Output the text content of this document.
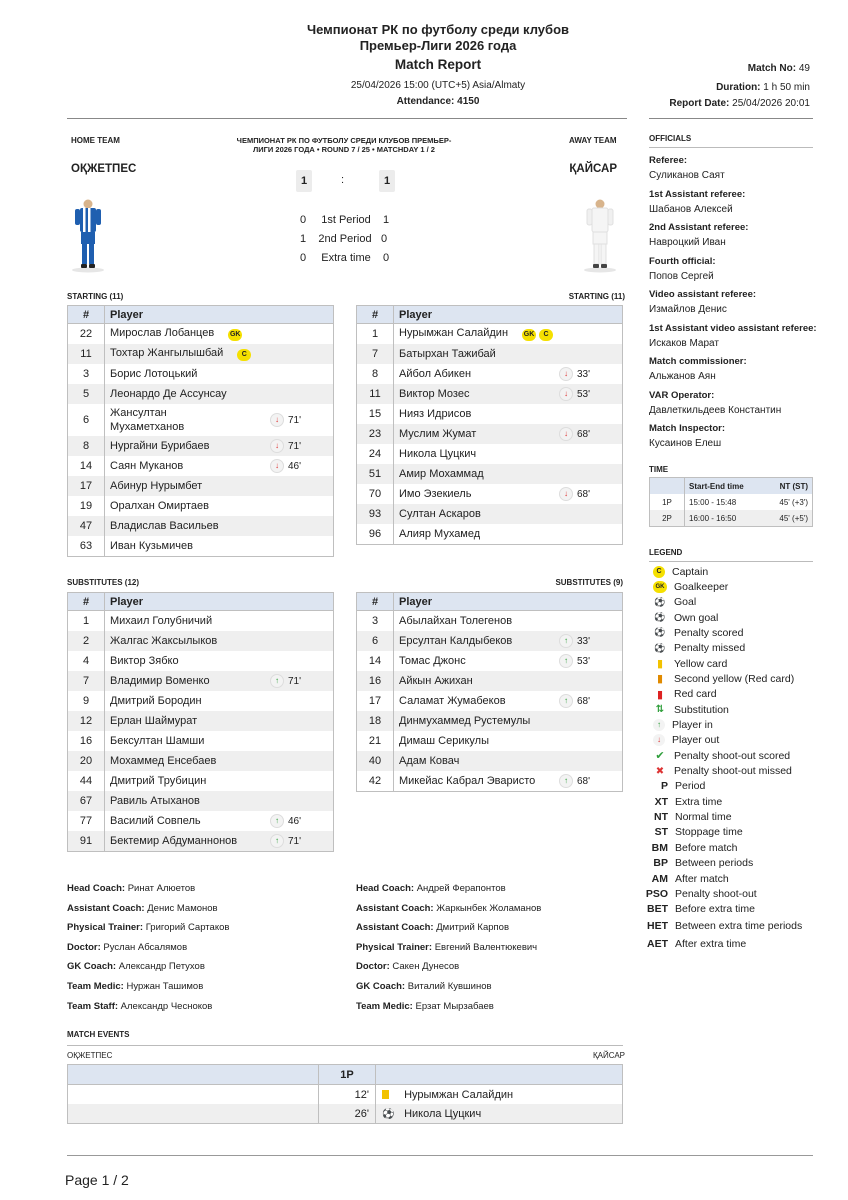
Чемпионат РК по футболу среди клубов
Премьер-Лиги 2026 года
Match Report
25/04/2026 15:00 (UTC+5) Asia/Almaty
Attendance: 4150
Match No: 49
Duration: 1 h 50 min
Report Date: 25/04/2026 20:01
HOME TEAM	AWAY TEAM
ЧЕМПИОНАТ РК ПО ФУТБОЛУ СРЕДИ КЛУБОВ ПРЕМЬЕР-ЛИГИ 2026 ГОДА • ROUND 7 / 25 • MATCHDAY 1 / 2
ОҚЖЕТПЕС	ҚАЙСАР
1	:	1
0 1st Period 1
1 2nd Period 0
0 Extra time 0
STARTING (11)	STARTING (11)
#	Player	
22	Мирослав Лобанцев GK	
11	Тохтар Жангылышбай C	
3	Борис Лотоцький	
5	Леонардо Де Ассунсау	
6	Жансултан Мухаметханов	↓ 71'

8	Нургайни Бурибаев	↓ 71'

14	Саян Муканов	↓ 46'

17	Абинур Нурымбет	
19	Оралхан Омиртаев	
47	Владислав Васильев	
63	Иван Кузьмичев	
#	Player	
1	Нурымжан Салайдин GK C	
7	Батырхан Тажибай	
8	Айбол Абикен	↓ 33'

11	Виктор Мозес	↓ 53'

15	Нияз Идрисов	
23	Муслим Жумат	↓ 68'

24	Никола Цуцкич	
51	Амир Мохаммад	
70	Имо Эзекиель	↓ 68'

93	Султан Аскаров	
96	Алияр Мухамед	
SUBSTITUTES (12)	SUBSTITUTES (9)
#	Player	
1	Михаил Голубничий	
2	Жалгас Жаксылыков	
4	Виктор Зябко	
7	Владимир Воменко	↑ 71'

9	Дмитрий Бородин	
12	Ерлан Шаймурат	
16	Бексултан Шамши	
20	Мохаммед Енсебаев	
44	Дмитрий Трубицин	
67	Равиль Атыханов	
77	Василий Совпель	↑ 46'

91	Бектемир Абдуманнонов	↑ 71'
#	Player	
3	Абылайхан Толегенов	
6	Ерсултан Калдыбеков	↑ 33'

14	Томас Джонс	↑ 53'

16	Айкын Ажихан	
17	Саламат Жумабеков	↑ 68'

18	Динмухаммед Рустемулы	
21	Димаш Серикулы	
40	Адам Ковач	
42	Микейас Кабрал Эваристо	↑ 68'
Head Coach: Ринат Алюетов
Assistant Coach: Денис Мамонов
Physical Trainer: Григорий Сартаков
Doctor: Руслан Абсалямов
GK Coach: Александр Петухов
Team Medic: Нуржан Ташимов
Team Staff: Александр Чесноков
Head Coach: Андрей Ферапонтов
Assistant Coach: Жаркынбек Жоламанов
Assistant Coach: Дмитрий Карпов
Physical Trainer: Евгений Валентюкевич
Doctor: Сакен Дунесов
GK Coach: Виталий Кувшинов
Team Medic: Ерзат Мырзабаев
OFFICIALS
Referee:
Суликанов Саят
1st Assistant referee:
Шабанов Алексей
2nd Assistant referee:
Навроцкий Иван
Fourth official:
Попов Сергей
Video assistant referee:
Измайлов Денис
1st Assistant video assistant referee:
Искаков Марат
Match commissioner:
Альжанов Аян
VAR Operator:
Давлеткильдеев Константин
Match Inspector:
Кусаинов Елеш
TIME
	Start-End time	NT (ST)
1P	15:00 - 15:48	45' (+3')
2P	16:00 - 16:50	45' (+5')
LEGEND
C Captain
GK Goalkeeper
⚽ Goal
⚽ Own goal
⚽ Penalty scored
⚽ Penalty missed
▮	Yellow card
▮	Second yellow (Red card)
▮	Red card
⇅ Substitution
↑	Player in
↓	Player out
✔ Penalty shoot-out scored
✖ Penalty shoot-out missed
P Period
XT Extra time
NT Normal time
ST Stoppage time
BM Before match
BP Between periods
AM After match
PSO Penalty shoot-out
BET Before extra time
HET Between extra time periods
AET After extra time
MATCH EVENTS
ОҚЖЕТПЕС	ҚАЙСАР
	1P	
	12'	Нурымжан Салайдин
	26'	⚽ Никола Цуцкич
Page 1 / 2
